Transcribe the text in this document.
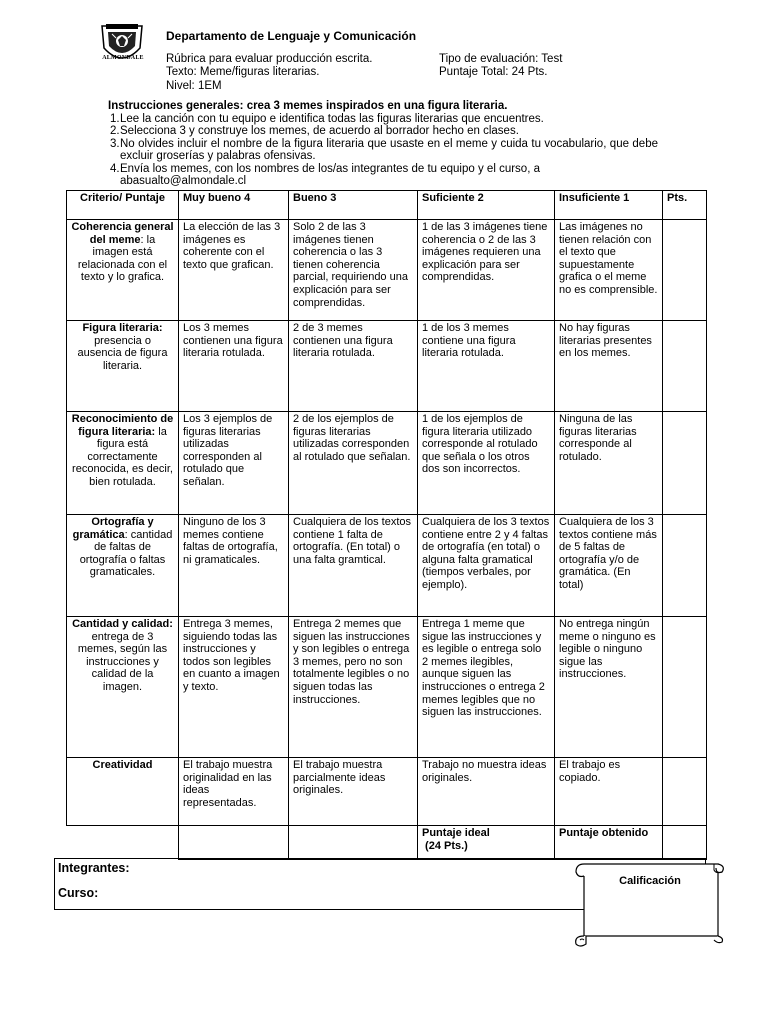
ALMONDALE
Departamento de Lenguaje y Comunicación
Rúbrica para evaluar producción escrita.
Texto: Meme/figuras literarias.
Nivel: 1EM
Tipo de evaluación: Test
Puntaje Total: 24 Pts.
Instrucciones generales: crea 3 memes inspirados en una figura literaria.
1. Lee la canción con tu equipo e identifica todas las figuras literarias que encuentres.
2. Selecciona 3 y construye los memes, de acuerdo al borrador hecho en clases.
3. No olvides incluir el nombre de la figura literaria que usaste en el meme y cuida tu vocabulario, que debe excluir groserías y palabras ofensivas.
4. Envía los memes, con los nombres de los/as integrantes de tu equipo y el curso, a
abasualto@almondale.cl
Criterio/ Puntaje	Muy bueno 4	Bueno 3	Suficiente 2	Insuficiente 1	Pts.
Coherencia general del meme: la imagen está relacionada con el texto y lo grafica.	La elección de las 3 imágenes es coherente con el texto que grafican.	Solo 2 de las 3 imágenes tienen coherencia o las 3 tienen coherencia parcial, requiriendo una explicación para ser comprendidas.	1 de las 3 imágenes tiene coherencia o 2 de las 3 imágenes requieren una explicación para ser comprendidas.	Las imágenes no tienen relación con el texto que supuestamente grafica o el meme no es comprensible.	
Figura literaria: presencia o ausencia de figura literaria.	Los 3 memes contienen una figura literaria rotulada.	2 de 3 memes contienen una figura literaria rotulada.	1 de los 3 memes contiene una figura literaria rotulada.	No hay figuras literarias presentes en los memes.	
Reconocimiento de figura literaria: la figura está correctamente reconocida, es decir, bien rotulada.	Los 3 ejemplos de figuras literarias utilizadas corresponden al rotulado que señalan.	2 de los ejemplos de figuras literarias utilizadas corresponden al rotulado que señalan.	1 de los ejemplos de figura literaria utilizado corresponde al rotulado que señala o los otros dos son incorrectos.	Ninguna de las figuras literarias corresponde al rotulado.	
Ortografía y gramática: cantidad de faltas de ortografía o faltas gramaticales.	Ninguno de los 3 memes contiene faltas de ortografía, ni gramaticales.	Cualquiera de los textos contiene 1 falta de ortografía. (En total) o una falta gramtical.	Cualquiera de los 3 textos contiene entre 2 y 4 faltas de ortografía (en total) o alguna falta gramatical (tiempos verbales, por ejemplo).	Cualquiera de los 3 textos contiene más de 5 faltas de ortografía y/o de gramática. (En total)	
Cantidad y calidad: entrega de 3 memes, según las instrucciones y calidad de la imagen.	Entrega 3 memes, siguiendo todas las instrucciones y todos son legibles en cuanto a imagen y texto.	Entrega 2 memes que siguen las instrucciones y son legibles o entrega 3 memes, pero no son totalmente legibles o no siguen todas las instrucciones.	Entrega 1 meme que sigue las instrucciones y es legible o entrega solo 2 memes ilegibles, aunque siguen las instrucciones o entrega 2 memes legibles que no siguen las instrucciones.	No entrega ningún meme o ninguno es legible o ninguno sigue las instrucciones.	
Creatividad	El trabajo muestra originalidad en las ideas representadas.	El trabajo muestra parcialmente ideas originales.	Trabajo no muestra ideas originales.	El trabajo es copiado.	

			Puntaje ideal
(24 Pts.)	Puntaje obtenido	
Integrantes:
Curso:
Calificación
